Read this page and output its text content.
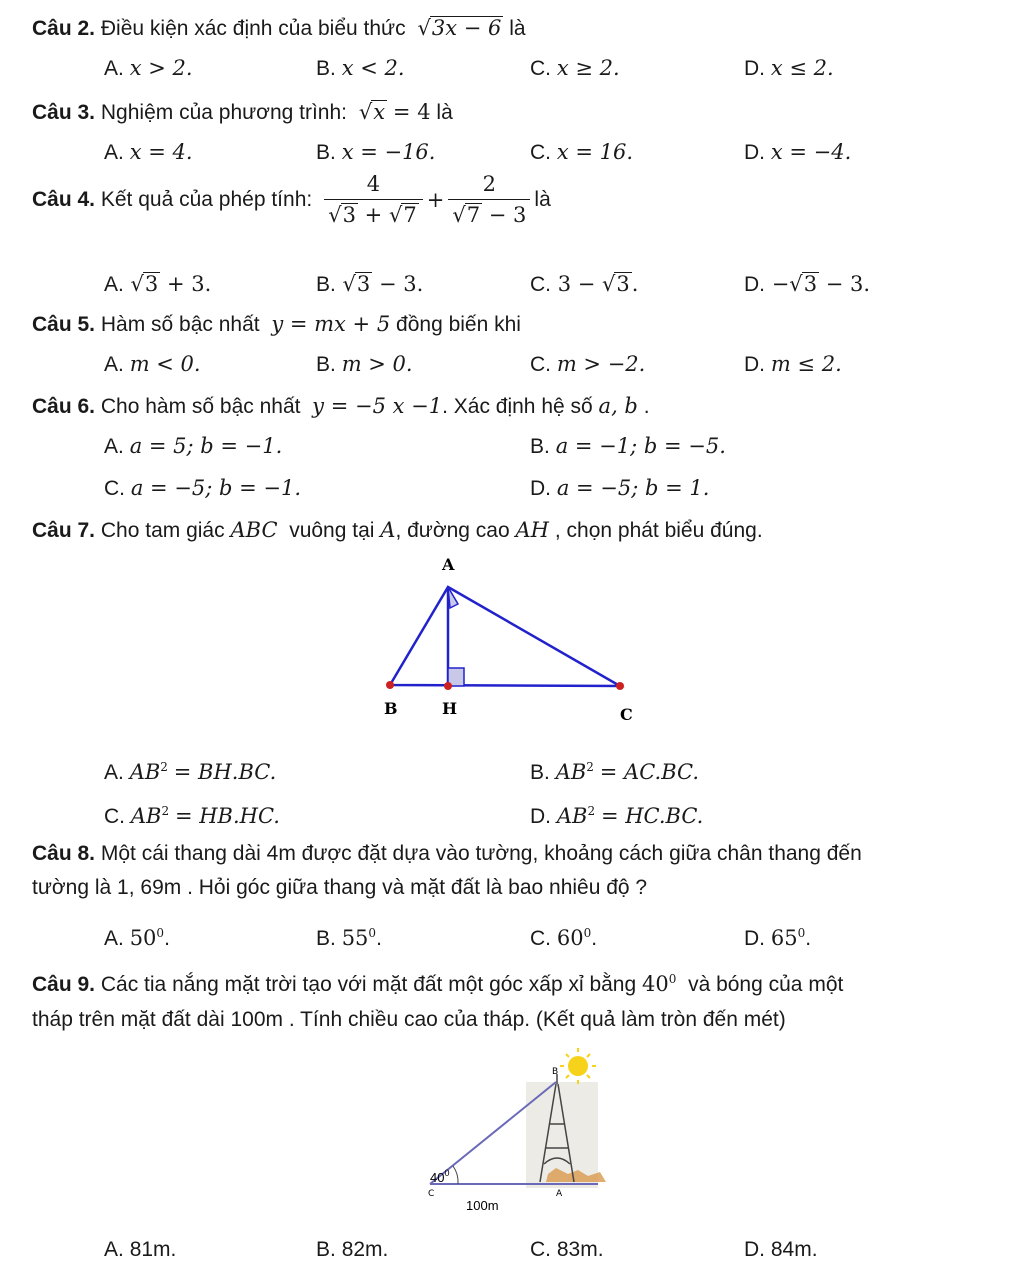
Câu 2. Điều kiện xác định của biểu thức √3x − 6 là
A. x > 2.	B. x < 2.	C. x ≥ 2.	D. x ≤ 2.
Câu 3. Nghiệm của phương trình: √x = 4 là
A. x = 4.	B. x = −16.	C. x = 16.	D. x = −4.
Câu 4.
Kết quả của phép tính: $\frac{4}{√3 + √7} + \frac{2}{√7 - 3}$ là
A. √3 + 3.	B. √3 − 3.	C. 3 − √3.	D. −√3 − 3.
Câu 5. Hàm số bậc nhất y = mx + 5 đồng biến khi
A. m < 0.	B. m > 0.	C. m > −2.	D. m ≤ 2.
Câu 6. Cho hàm số bậc nhất y = −5 x −1. Xác định hệ số a, b .
A. a = 5; b = −1.	B. a = −1; b = −5.
C. a = −5; b = −1.	D. a = −5; b = 1.
Câu 7. Cho tam giác ABC vuông tại A, đường cao AH , chọn phát biểu đúng.
A
B	H	C
A. $AB^2 = BH.BC$.	B. $AB^2 = AC.BC$.
C. $AB^2 = HB.HC$.	D. $AB^2 = HC.BC$.
Câu 8. Một cái thang dài 4m được đặt dựa vào tường, khoảng cách giữa chân thang đến
tường là 1, 69m . Hỏi góc giữa thang và mặt đất là bao nhiêu độ ?
A. $50^0$.	B. $55^0$.	C. $60^0$.	D. $65^0$.
Câu 9. Các tia nắng mặt trời tạo với mặt đất một góc xấp xỉ bằng $40^0$ và bóng của một
tháp trên mặt đất dài 100m . Tính chiều cao của tháp. (Kết quả làm tròn đến mét)
C	A
B
$40^0$
100m
A. 81m.	B. 82m.	C. 83m.	D. 84m.
